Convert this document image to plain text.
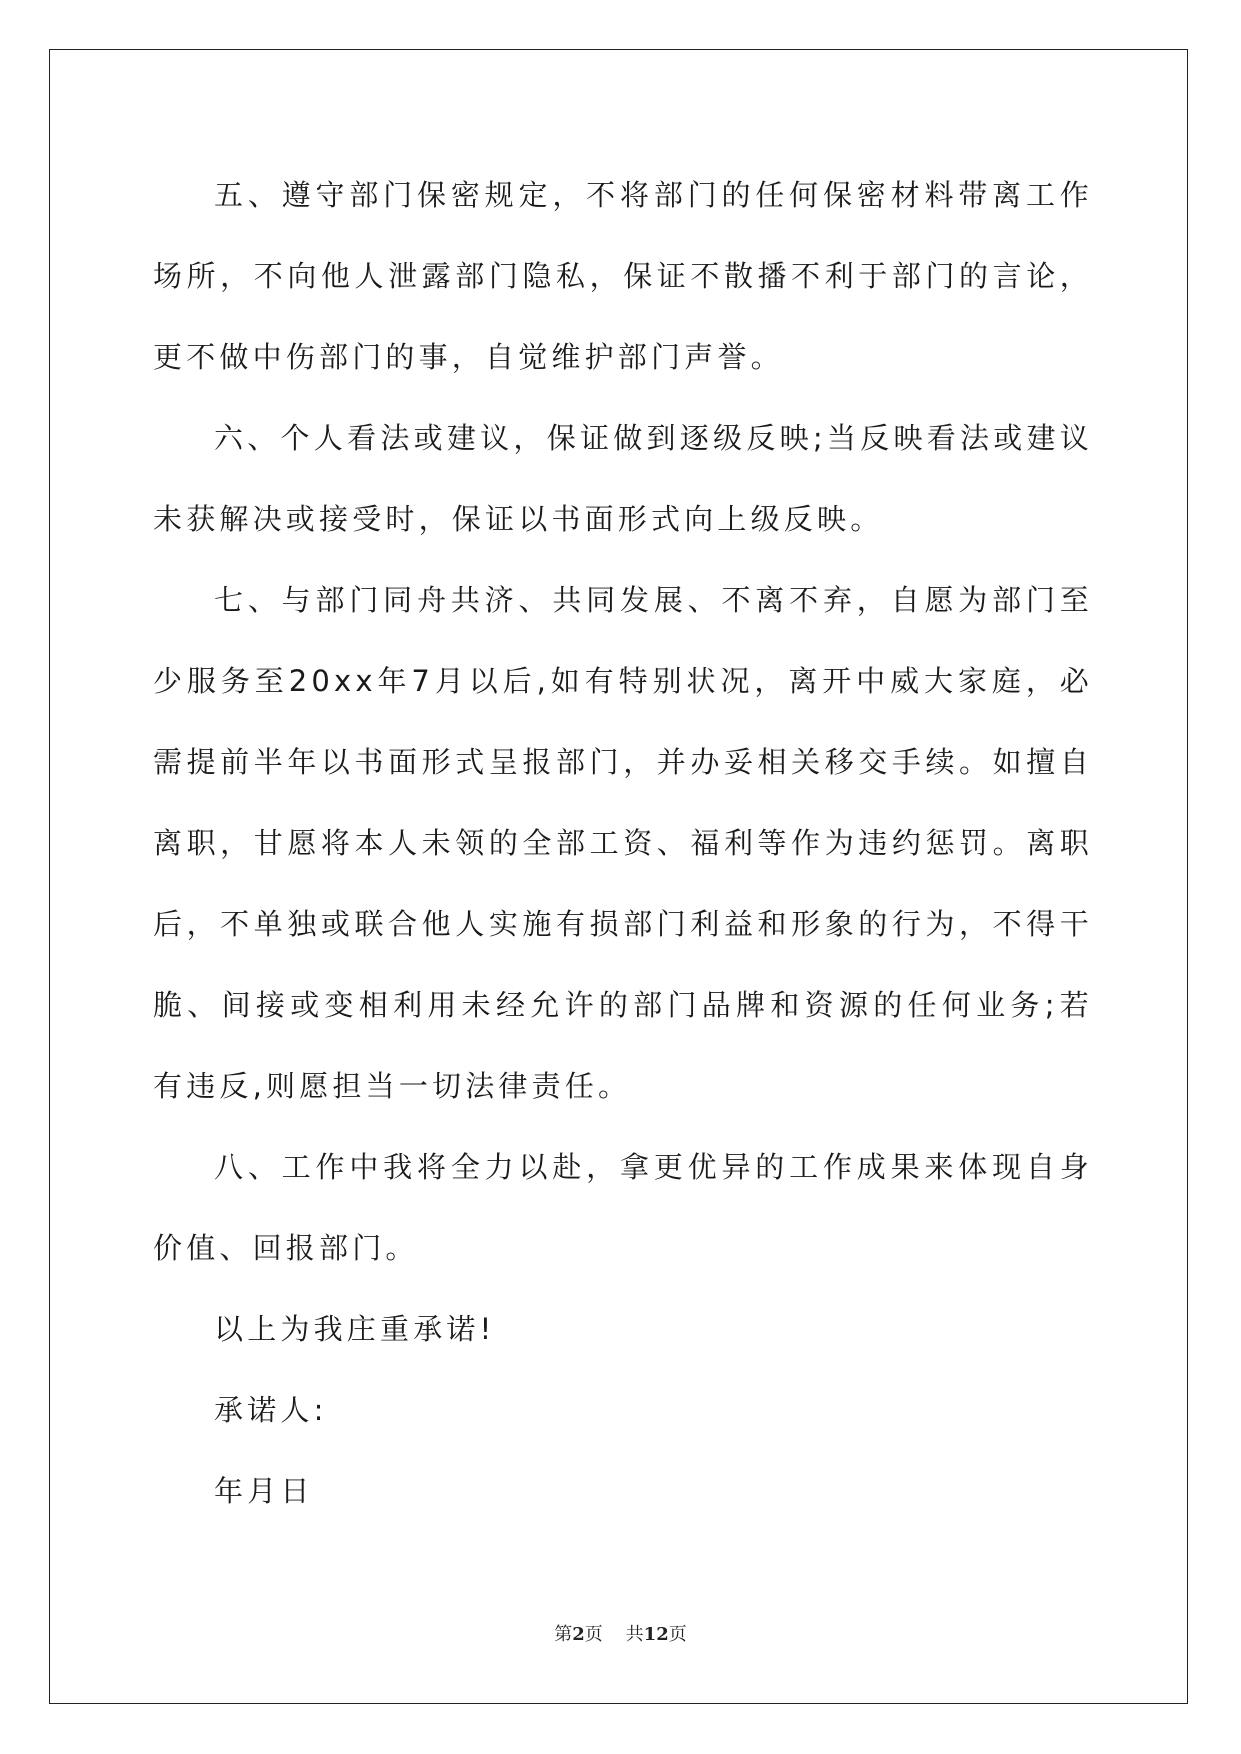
五、遵守部门保密规定，不将部门的任何保密材料带离工作场所，不向他人泄露部门隐私，保证不散播不利于部门的言论，更不做中伤部门的事，自觉维护部门声誉。

六、个人看法或建议，保证做到逐级反映;当反映看法或建议未获解决或接受时，保证以书面形式向上级反映。

七、与部门同舟共济、共同发展、不离不弃，自愿为部门至少服务至20xx年7月以后,如有特别状况，离开中威大家庭，必需提前半年以书面形式呈报部门，并办妥相关移交手续。如擅自离职，甘愿将本人未领的全部工资、福利等作为违约惩罚。离职后，不单独或联合他人实施有损部门利益和形象的行为，不得干脆、间接或变相利用未经允许的部门品牌和资源的任何业务;若有违反,则愿担当一切法律责任。

八、工作中我将全力以赴，拿更优异的工作成果来体现自身价值、回报部门。

以上为我庄重承诺!

承诺人:

年月日

第2页 共12页
